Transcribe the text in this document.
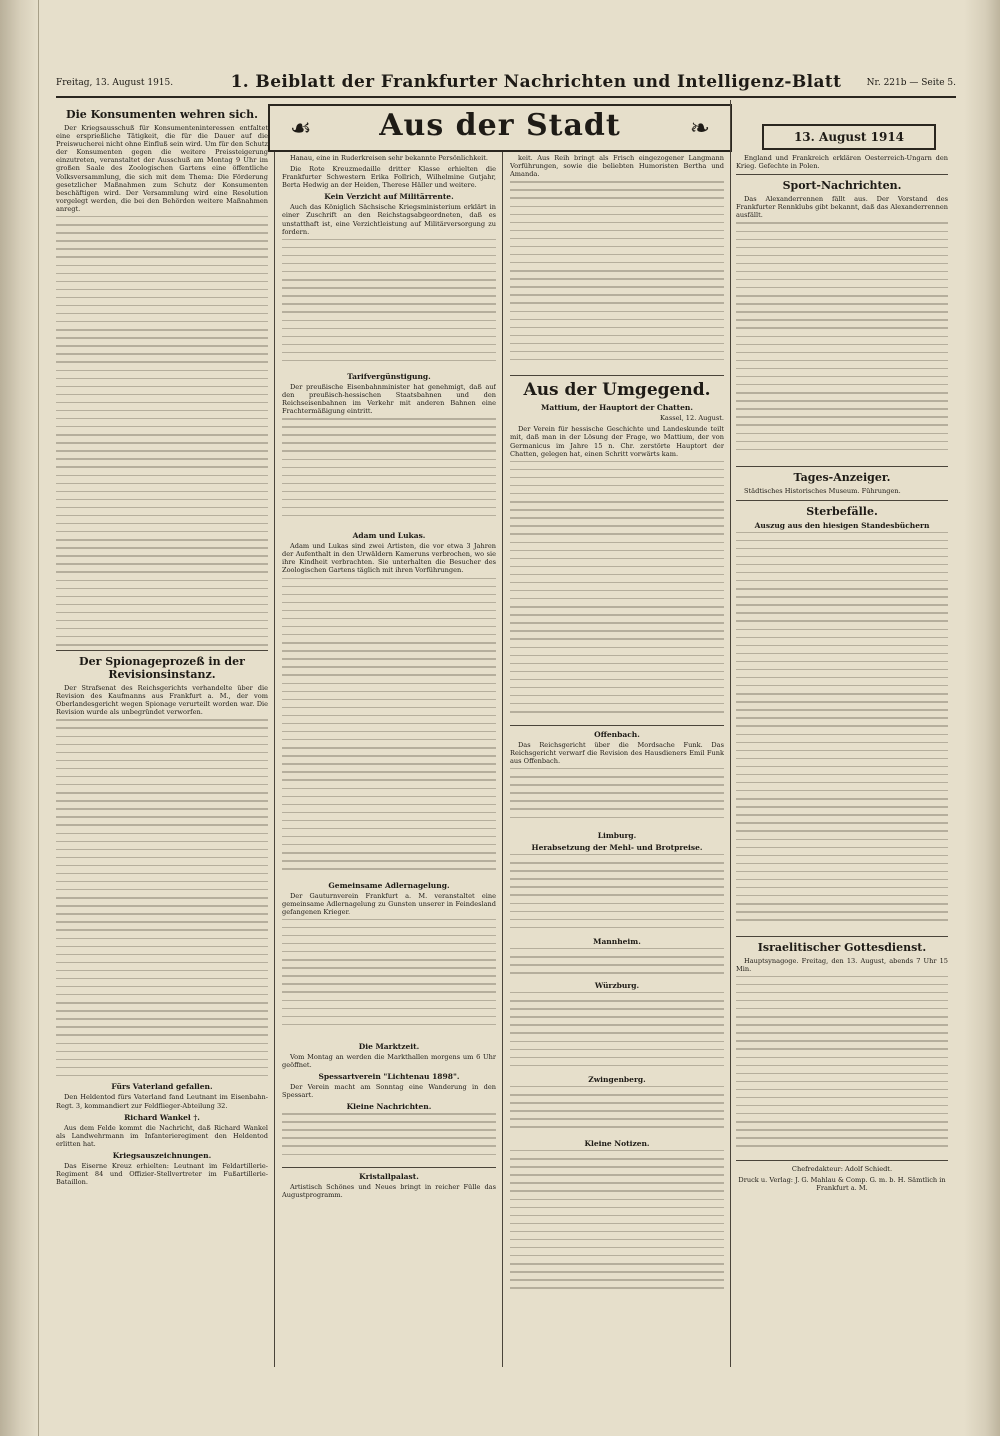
Freitag, 13. August 1915.	1. Beiblatt der Frankfurter Nachrichten und Intelligenz-Blatt	Nr. 221b — Seite 5.
☙	Aus der Stadt	❧	13. August 1914
Die Konsumenten wehren sich.

Der Kriegsausschuß für Konsumenteninteressen entfaltet eine ersprießliche Tätigkeit, die für die Dauer auf die Preiswucherei nicht ohne Einfluß sein wird. Um für den Schutz der Konsumenten gegen die weitere Preissteigerung einzutreten, veranstaltet der Ausschuß am Montag 9 Uhr im großen Saale des Zoologischen Gartens eine öffentliche Volksversammlung, die sich mit dem Thema: Die Förderung gesetzlicher Maßnahmen zum Schutz der Konsumenten beschäftigen wird. Der Versammlung wird eine Resolution vorgelegt werden, die bei den Behörden weitere Maßnahmen anregt.

Der Spionageprozeß in der Revisionsinstanz.

Der Strafsenat des Reichsgerichts verhandelte über die Revision des Kaufmanns aus Frankfurt a. M., der vom Oberlandesgericht wegen Spionage verurteilt worden war. Die Revision wurde als unbegründet verworfen.

Fürs Vaterland gefallen.

Den Heldentod fürs Vaterland fand Leutnant im Eisenbahn-Regt. 3, kommandiert zur Feldflieger-Abteilung 32.

Richard Wankel †.

Aus dem Felde kommt die Nachricht, daß Richard Wankel als Landwehrmann im Infanterieregiment den Heldentod erlitten hat.

Kriegsauszeichnungen.

Das Eiserne Kreuz erhielten: Leutnant im Feldartillerie-Regiment 84 und Offizier-Stellvertreter im Fußartillerie-Bataillon.

Hanau, eine in Ruderkreisen sehr bekannte Persönlichkeit.

Die Rote Kreuzmedaille dritter Klasse erhielten die Frankfurter Schwestern Erika Follrich, Wilhelmine Gutjahr, Berta Hedwig an der Heiden, Therese Häller und weitere.

Kein Verzicht auf Militärrente.

Auch das Königlich Sächsische Kriegsministerium erklärt in einer Zuschrift an den Reichstagsabgeordneten, daß es unstatthaft ist, eine Verzichtleistung auf Militärversorgung zu fordern.

Tarifvergünstigung.

Der preußische Eisenbahnminister hat genehmigt, daß auf den preußisch-hessischen Staatsbahnen und den Reichseisenbahnen im Verkehr mit anderen Bahnen eine Frachtermäßigung eintritt.

Adam und Lukas.

Adam und Lukas sind zwei Artisten, die vor etwa 3 Jahren der Aufenthalt in den Urwäldern Kameruns verbrochen, wo sie ihre Kindheit verbrachten. Sie unterhalten die Besucher des Zoologischen Gartens täglich mit ihren Vorführungen.

Gemeinsame Adlernagelung.

Der Gauturnverein Frankfurt a. M. veranstaltet eine gemeinsame Adlernagelung zu Gunsten unserer in Feindesland gefangenen Krieger.

Die Marktzeit.

Vom Montag an werden die Markthallen morgens um 6 Uhr geöffnet.

Spessartverein "Lichtenau 1898".

Der Verein macht am Sonntag eine Wanderung in den Spessart.

Kleine Nachrichten.
Kristallpalast.

Artistisch Schönes und Neues bringt in reicher Fülle das Augustprogramm.

keit. Aus Reih bringt als Frisch eingezogener Langmann Vorführungen, sowie die beliebten Humoristen Bertha und Amanda.

Aus der Umgegend.
Mattium, der Hauptort der Chatten.

Kassel, 12. August.

Der Verein für hessische Geschichte und Landeskunde teilt mit, daß man in der Lösung der Frage, wo Mattium, der von Germanicus im Jahre 15 n. Chr. zerstörte Hauptort der Chatten, gelegen hat, einen Schritt vorwärts kam.

Offenbach.

Das Reichsgericht über die Mordsache Funk. Das Reichsgericht verwarf die Revision des Hausdieners Emil Funk aus Offenbach.

Limburg.
Herabsetzung der Mehl- und Brotpreise.
Mannheim.
Würzburg.
Zwingenberg.
Kleine Notizen.

England und Frankreich erklären Oesterreich-Ungarn den Krieg. Gefechte in Polen.

Sport-Nachrichten.

Das Alexanderrennen fällt aus. Der Vorstand des Frankfurter Rennklubs gibt bekannt, daß das Alexanderrennen ausfällt.

Tages-Anzeiger.

Städtisches Historisches Museum. Führungen.

Sterbefälle.
Auszug aus den hiesigen Standesbüchern
Israelitischer Gottesdienst.

Hauptsynagoge. Freitag, den 13. August, abends 7 Uhr 15 Min.

Chefredakteur: Adolf Schiedt.

Druck u. Verlag: J. G. Mahlau & Comp. G. m. b. H. Sämtlich in Frankfurt a. M.
